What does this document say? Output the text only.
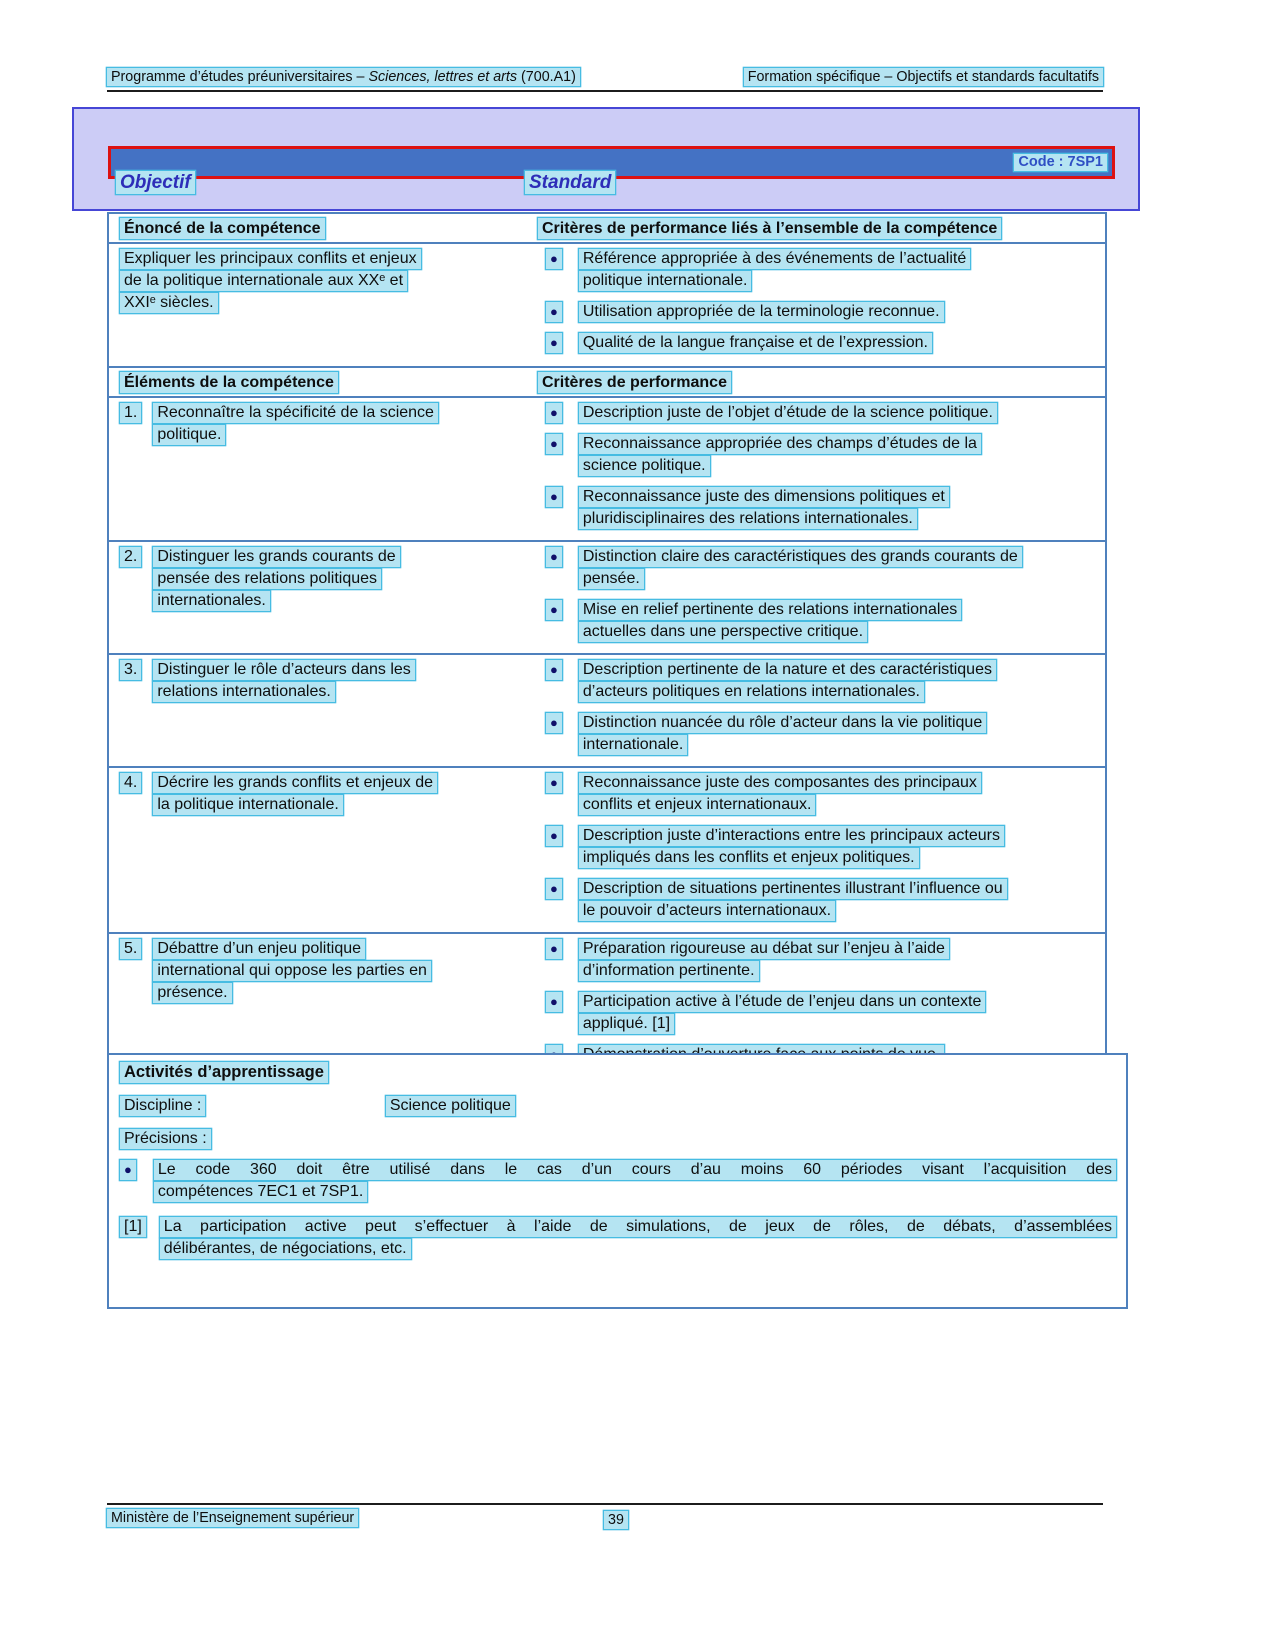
Programme d’études préuniversitaires – Sciences, lettres et arts (700.A1)	Formation spécifique – Objectifs et standards facultatifs
Code : 7SP1
Objectif	Standard
Énoncé de la compétence	Critères de performance liés à l’ensemble de la compétence
Expliquer les principaux conflits et enjeux
de la politique internationale aux XXᵉ et
XXIᵉ siècles.
● Référence appropriée à des événements de l’actualité
politique internationale.
● Utilisation appropriée de la terminologie reconnue.
● Qualité de la langue française et de l’expression.
Éléments de la compétence	Critères de performance
1. Reconnaître la spécificité de la science
politique.
● Description juste de l’objet d’étude de la science politique.
● Reconnaissance appropriée des champs d’études de la
science politique.
● Reconnaissance juste des dimensions politiques et
pluridisciplinaires des relations internationales.
2. Distinguer les grands courants de
pensée des relations politiques
internationales.
● Distinction claire des caractéristiques des grands courants de
pensée.
● Mise en relief pertinente des relations internationales
actuelles dans une perspective critique.
3. Distinguer le rôle d’acteurs dans les
relations internationales.
● Description pertinente de la nature et des caractéristiques
d’acteurs politiques en relations internationales.
● Distinction nuancée du rôle d’acteur dans la vie politique
internationale.
4. Décrire les grands conflits et enjeux de
la politique internationale.
● Reconnaissance juste des composantes des principaux
conflits et enjeux internationaux.
● Description juste d’interactions entre les principaux acteurs
impliqués dans les conflits et enjeux politiques.
● Description de situations pertinentes illustrant l’influence ou
le pouvoir d’acteurs internationaux.
5. Débattre d’un enjeu politique
international qui oppose les parties en
présence.
● Préparation rigoureuse au débat sur l’enjeu à l’aide
d’information pertinente.
● Participation active à l’étude de l’enjeu dans un contexte
appliqué. [1]
Activités d’apprentissage
Discipline :	Science politique
Précisions :
● Le code 360 doit être utilisé dans le cas d’un cours d’au moins 60 périodes visant l’acquisition des
compétences 7EC1 et 7SP1.
[1] La participation active peut s’effectuer à l’aide de simulations, de jeux de rôles, de débats, d’assemblées
délibérantes, de négociations, etc.
Ministère de l’Enseignement supérieur	39
